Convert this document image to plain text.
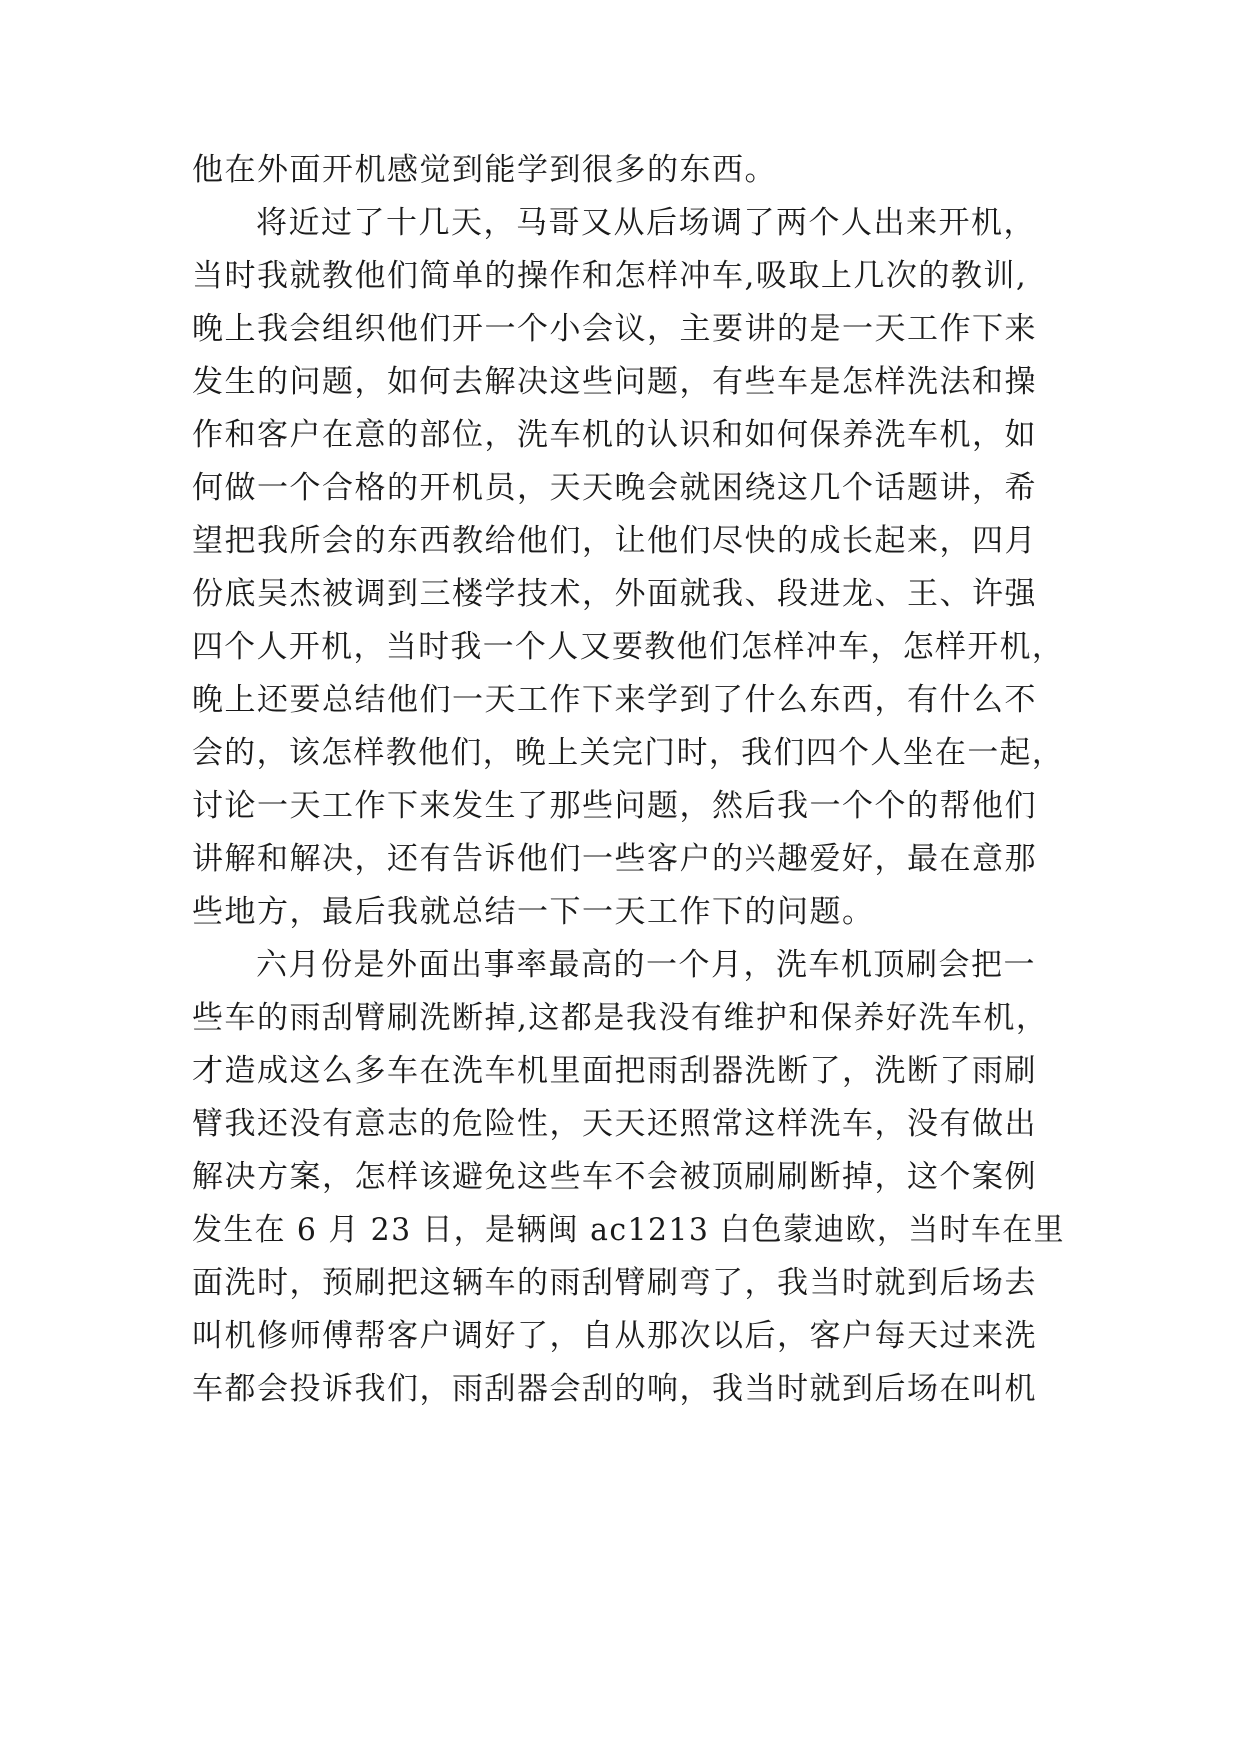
他在外面开机感觉到能学到很多的东西。
将近过了十几天，马哥又从后场调了两个人出来开机，
当时我就教他们简单的操作和怎样冲车,吸取上几次的教训,
晚上我会组织他们开一个小会议，主要讲的是一天工作下来
发生的问题，如何去解决这些问题，有些车是怎样洗法和操
作和客户在意的部位，洗车机的认识和如何保养洗车机，如
何做一个合格的开机员，天天晚会就困绕这几个话题讲，希
望把我所会的东西教给他们，让他们尽快的成长起来，四月
份底吴杰被调到三楼学技术，外面就我、段进龙、王、许强
四个人开机，当时我一个人又要教他们怎样冲车，怎样开机，
晚上还要总结他们一天工作下来学到了什么东西，有什么不
会的，该怎样教他们，晚上关完门时，我们四个人坐在一起，
讨论一天工作下来发生了那些问题，然后我一个个的帮他们
讲解和解决，还有告诉他们一些客户的兴趣爱好，最在意那
些地方，最后我就总结一下一天工作下的问题。
六月份是外面出事率最高的一个月，洗车机顶刷会把一
些车的雨刮臂刷洗断掉,这都是我没有维护和保养好洗车机，
才造成这么多车在洗车机里面把雨刮器洗断了，洗断了雨刷
臂我还没有意志的危险性，天天还照常这样洗车，没有做出
解决方案，怎样该避免这些车不会被顶刷刷断掉，这个案例
发生在 6 月 23 日，是辆闽 ac1213 白色蒙迪欧，当时车在里
面洗时，预刷把这辆车的雨刮臂刷弯了，我当时就到后场去
叫机修师傅帮客户调好了，自从那次以后，客户每天过来洗
车都会投诉我们，雨刮器会刮的响，我当时就到后场在叫机
